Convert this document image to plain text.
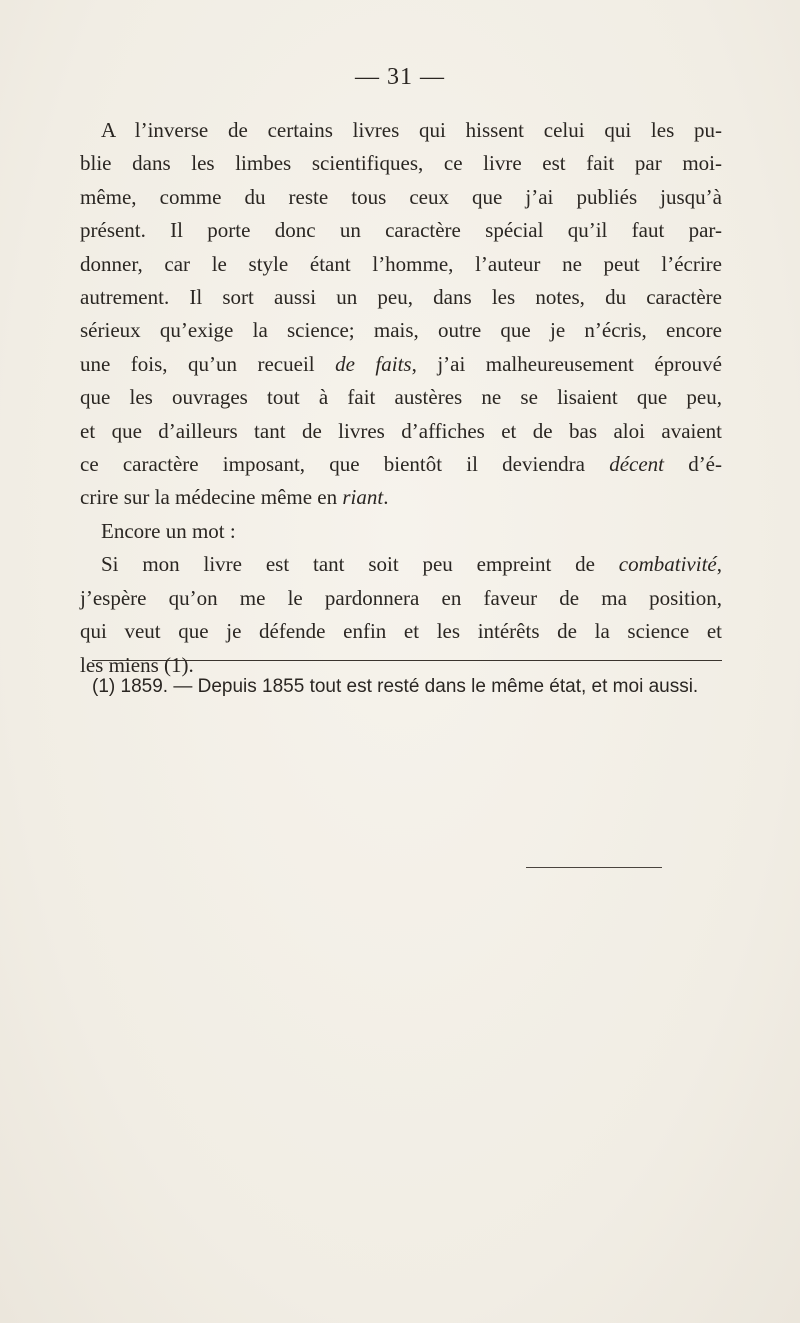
— 31 —
A l’inverse de certains livres qui hissent celui qui les pu-
blie dans les limbes scientifiques, ce livre est fait par moi-
même, comme du reste tous ceux que j’ai publiés jusqu’à
présent. Il porte donc un caractère spécial qu’il faut par-
donner, car le style étant l’homme, l’auteur ne peut l’écrire
autrement. Il sort aussi un peu, dans les notes, du caractère
sérieux qu’exige la science; mais, outre que je n’écris, encore
une fois, qu’un recueil de faits, j’ai malheureusement éprouvé
que les ouvrages tout à fait austères ne se lisaient que peu,
et que d’ailleurs tant de livres d’affiches et de bas aloi avaient
ce caractère imposant, que bientôt il deviendra décent d’é-
crire sur la médecine même en riant.
Encore un mot :
Si mon livre est tant soit peu empreint de combativité,
j’espère qu’on me le pardonnera en faveur de ma position,
qui veut que je défende enfin et les intérêts de la science et
les miens (1).
(1) 1859. — Depuis 1855 tout est resté dans le même état, et moi aussi.
